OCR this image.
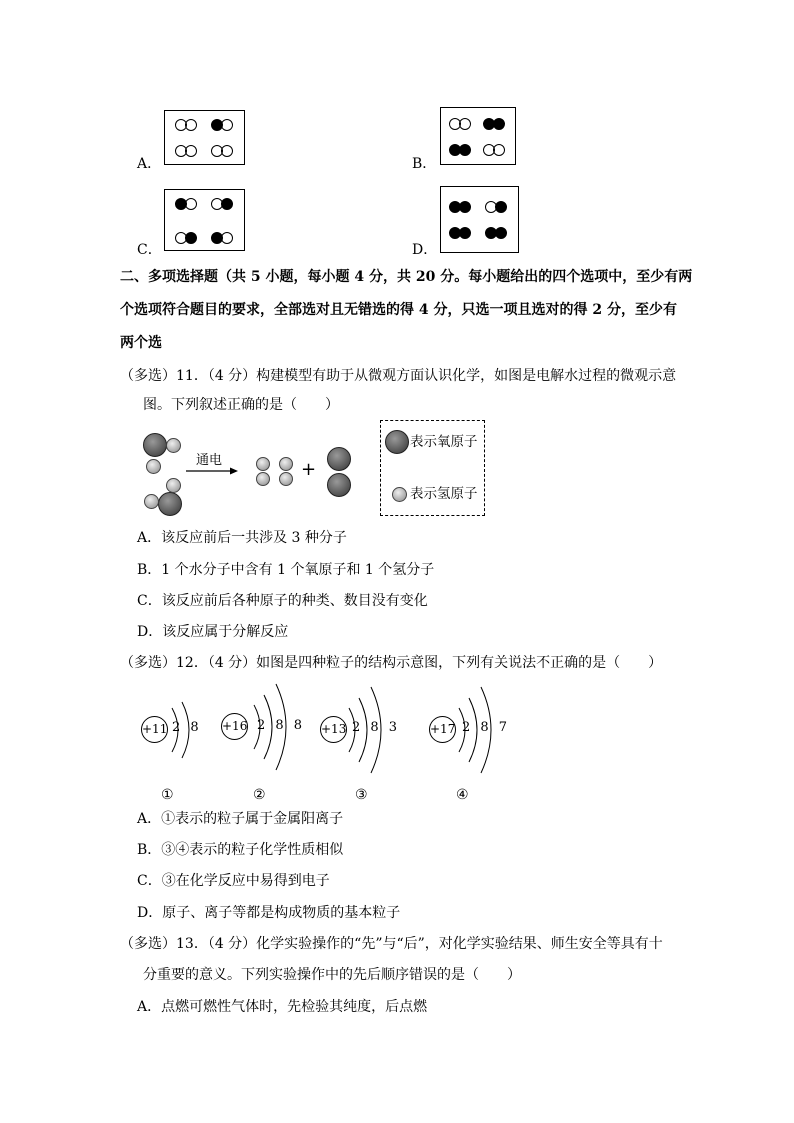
A．	B．
C．	D．
二、多项选择题（共 5 小题，每小题 4 分，共 20 分。每小题给出的四个选项中，至少有两
个选项符合题目的要求，全部选对且无错选的得 4 分，只选一项且选对的得 2 分，至少有
两个选
（多选）11．（4 分）构建模型有助于从微观方面认识化学，如图是电解水过程的微观示意
图。下列叙述正确的是（　　）
通电	+
表示氧原子
表示氢原子
A．该反应前后一共涉及 3 种分子
B．1 个水分子中含有 1 个氧原子和 1 个氢分子
C．该反应前后各种原子的种类、数目没有变化
D．该反应属于分解反应
（多选）12．（4 分）如图是四种粒子的结构示意图，下列有关说法不正确的是（　　）
+11 2 8
①
+16 2 8 8
②
+13 2 8 3
③
+17 2 8 7
④
A．①表示的粒子属于金属阳离子
B．③④表示的粒子化学性质相似
C．③在化学反应中易得到电子
D．原子、离子等都是构成物质的基本粒子
（多选）13．（4 分）化学实验操作的“先”与“后”，对化学实验结果、师生安全等具有十
分重要的意义。下列实验操作中的先后顺序错误的是（　　）
A．点燃可燃性气体时，先检验其纯度，后点燃
